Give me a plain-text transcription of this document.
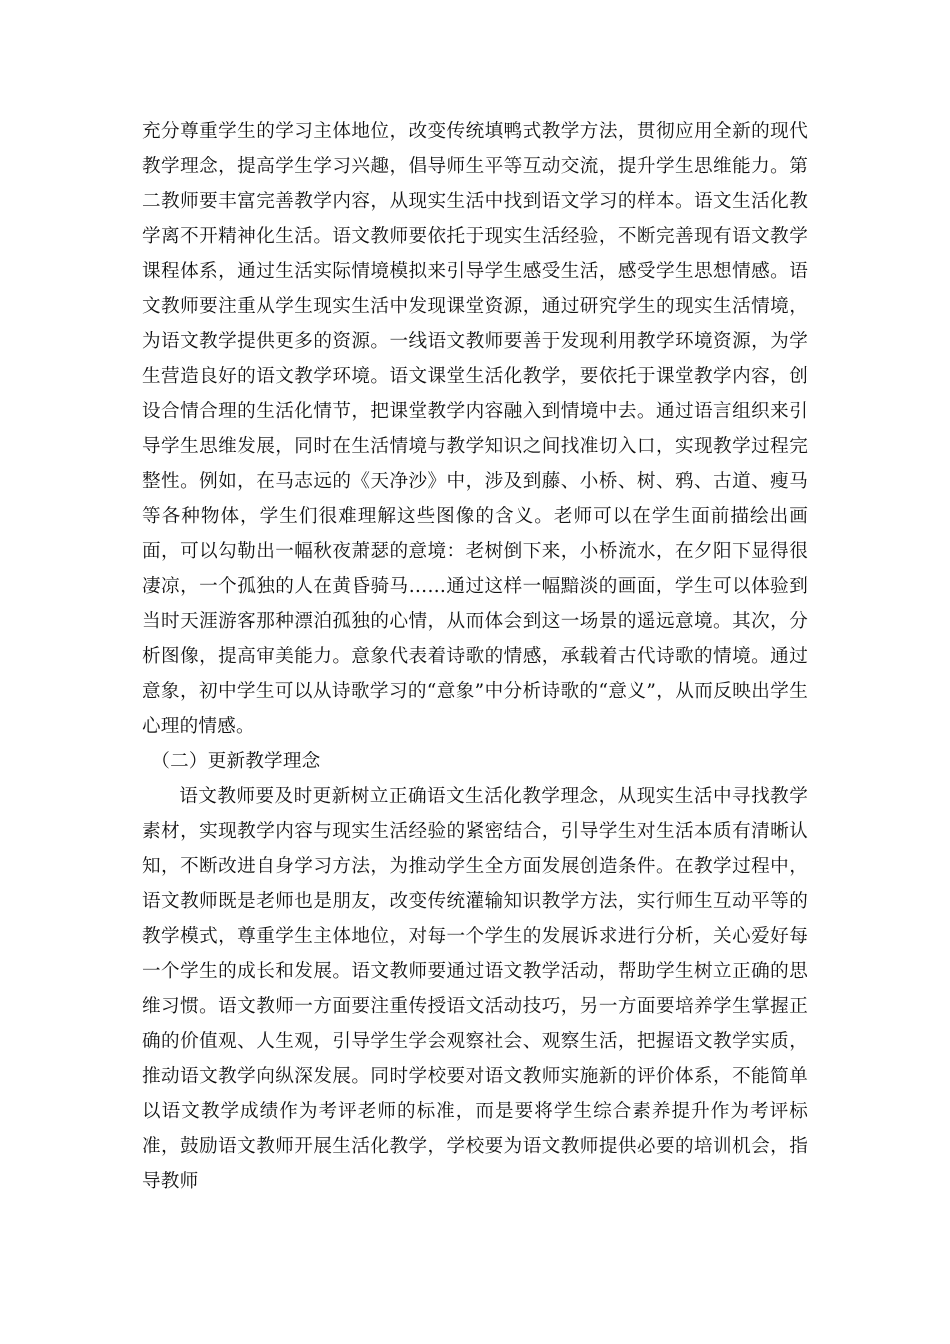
充分尊重学生的学习主体地位，改变传统填鸭式教学方法，贯彻应用全新的现代教学理念，提高学生学习兴趣，倡导师生平等互动交流，提升学生思维能力。第二教师要丰富完善教学内容，从现实生活中找到语文学习的样本。语文生活化教学离不开精神化生活。语文教师要依托于现实生活经验，不断完善现有语文教学课程体系，通过生活实际情境模拟来引导学生感受生活，感受学生思想情感。语文教师要注重从学生现实生活中发现课堂资源，通过研究学生的现实生活情境，为语文教学提供更多的资源。一线语文教师要善于发现利用教学环境资源，为学生营造良好的语文教学环境。语文课堂生活化教学，要依托于课堂教学内容，创设合情合理的生活化情节，把课堂教学内容融入到情境中去。通过语言组织来引导学生思维发展，同时在生活情境与教学知识之间找准切入口，实现教学过程完整性。例如，在马志远的《天净沙》中，涉及到藤、小桥、树、鸦、古道、瘦马等各种物体，学生们很难理解这些图像的含义。老师可以在学生面前描绘出画面，可以勾勒出一幅秋夜萧瑟的意境：老树倒下来，小桥流水，在夕阳下显得很凄凉，一个孤独的人在黄昏骑马……通过这样一幅黯淡的画面，学生可以体验到当时天涯游客那种漂泊孤独的心情，从而体会到这一场景的遥远意境。其次，分析图像，提高审美能力。意象代表着诗歌的情感，承载着古代诗歌的情境。通过意象，初中学生可以从诗歌学习的“意象”中分析诗歌的“意义”，从而反映出学生心理的情感。

（二）更新教学理念

语文教师要及时更新树立正确语文生活化教学理念，从现实生活中寻找教学素材，实现教学内容与现实生活经验的紧密结合，引导学生对生活本质有清晰认知，不断改进自身学习方法，为推动学生全方面发展创造条件。在教学过程中，语文教师既是老师也是朋友，改变传统灌输知识教学方法，实行师生互动平等的教学模式，尊重学生主体地位，对每一个学生的发展诉求进行分析，关心爱好每一个学生的成长和发展。语文教师要通过语文教学活动，帮助学生树立正确的思维习惯。语文教师一方面要注重传授语文活动技巧，另一方面要培养学生掌握正确的价值观、人生观，引导学生学会观察社会、观察生活，把握语文教学实质，推动语文教学向纵深发展。同时学校要对语文教师实施新的评价体系，不能简单以语文教学成绩作为考评老师的标准，而是要将学生综合素养提升作为考评标准，鼓励语文教师开展生活化教学，学校要为语文教师提供必要的培训机会，指导教师
